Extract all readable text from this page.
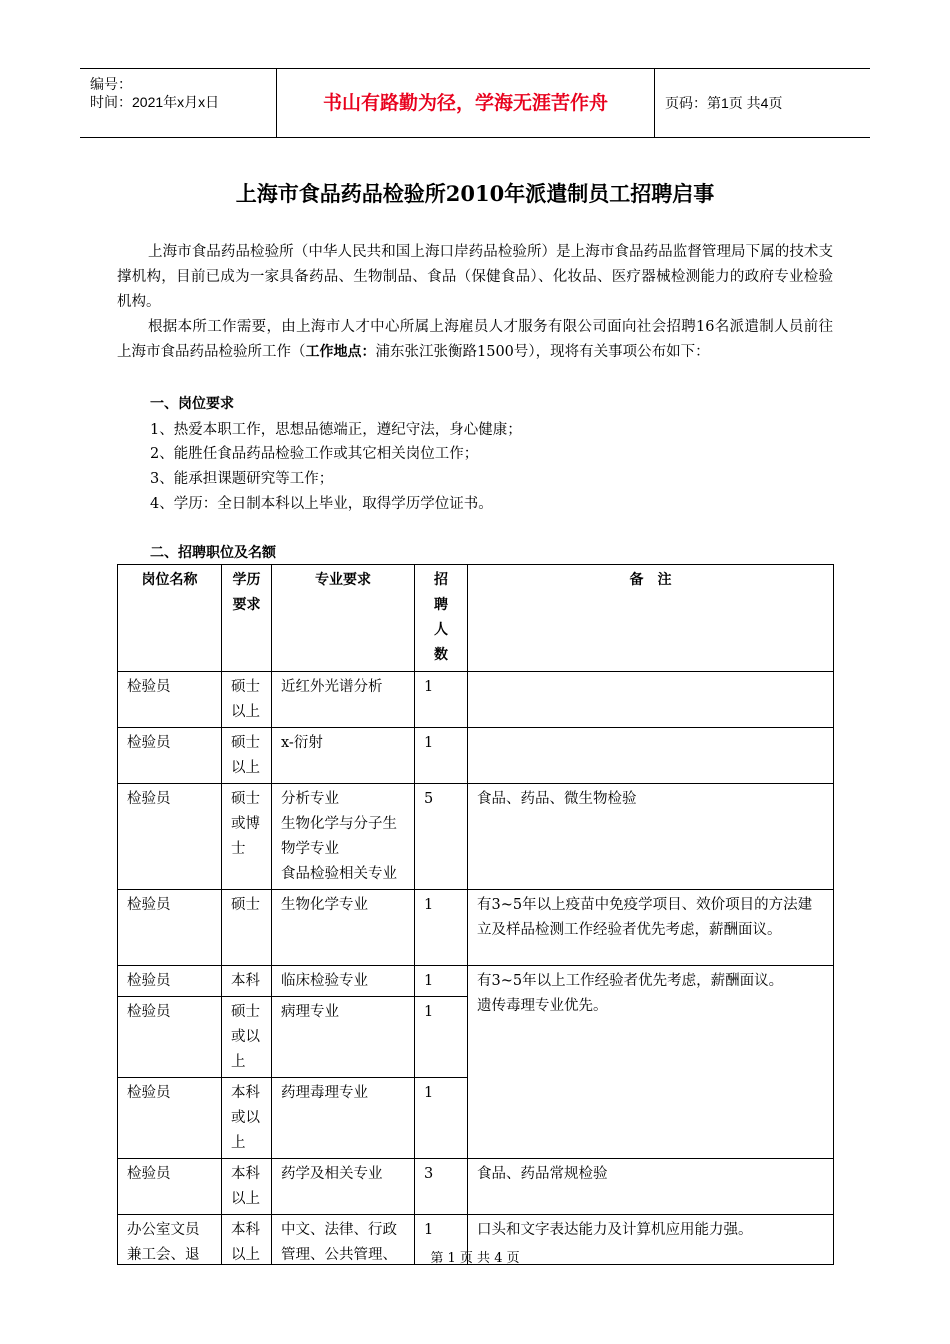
编号：
时间：2021年x月x日	书山有路勤为径，学海无涯苦作舟	页码：第1页 共4页
上海市食品药品检验所2010年派遣制员工招聘启事
上海市食品药品检验所（中华人民共和国上海口岸药品检验所）是上海市食品药品监督管理局下属的技术支撑机构，目前已成为一家具备药品、生物制品、食品（保健食品）、化妆品、医疗器械检测能力的政府专业检验机构。
根据本所工作需要，由上海市人才中心所属上海雇员人才服务有限公司面向社会招聘16名派遣制人员前往上海市食品药品检验所工作（工作地点：浦东张江张衡路1500号），现将有关事项公布如下：
一、岗位要求
1、热爱本职工作，思想品德端正，遵纪守法，身心健康；
2、能胜任食品药品检验工作或其它相关岗位工作；
3、能承担课题研究等工作；
4、学历：全日制本科以上毕业，取得学历学位证书。
二、招聘职位及名额
岗位名称	学历要求	专业要求	招聘人数	备　注
检验员	硕士以上	近红外光谱分析	1	
检验员	硕士以上	x-衍射	1	
检验员	硕士或博士	分析专业
生物化学与分子生物学专业
食品检验相关专业	5	食品、药品、微生物检验
检验员	硕士	生物化学专业	1	有3~5年以上疫苗中免疫学项目、效价项目的方法建立及样品检测工作经验者优先考虑，薪酬面议。
检验员	本科	临床检验专业	1	有3~5年以上工作经验者优先考虑，薪酬面议。
遗传毒理专业优先。
检验员	硕士或以上	病理专业	1	
检验员	本科或以上	药理毒理专业	1	
检验员	本科以上	药学及相关专业	3	食品、药品常规检验

办公室文员兼工会、退	本科以上	中文、法律、行政管理、公共管理、	1	口头和文字表达能力及计算机应用能力强。
第 1 页 共 4 页
